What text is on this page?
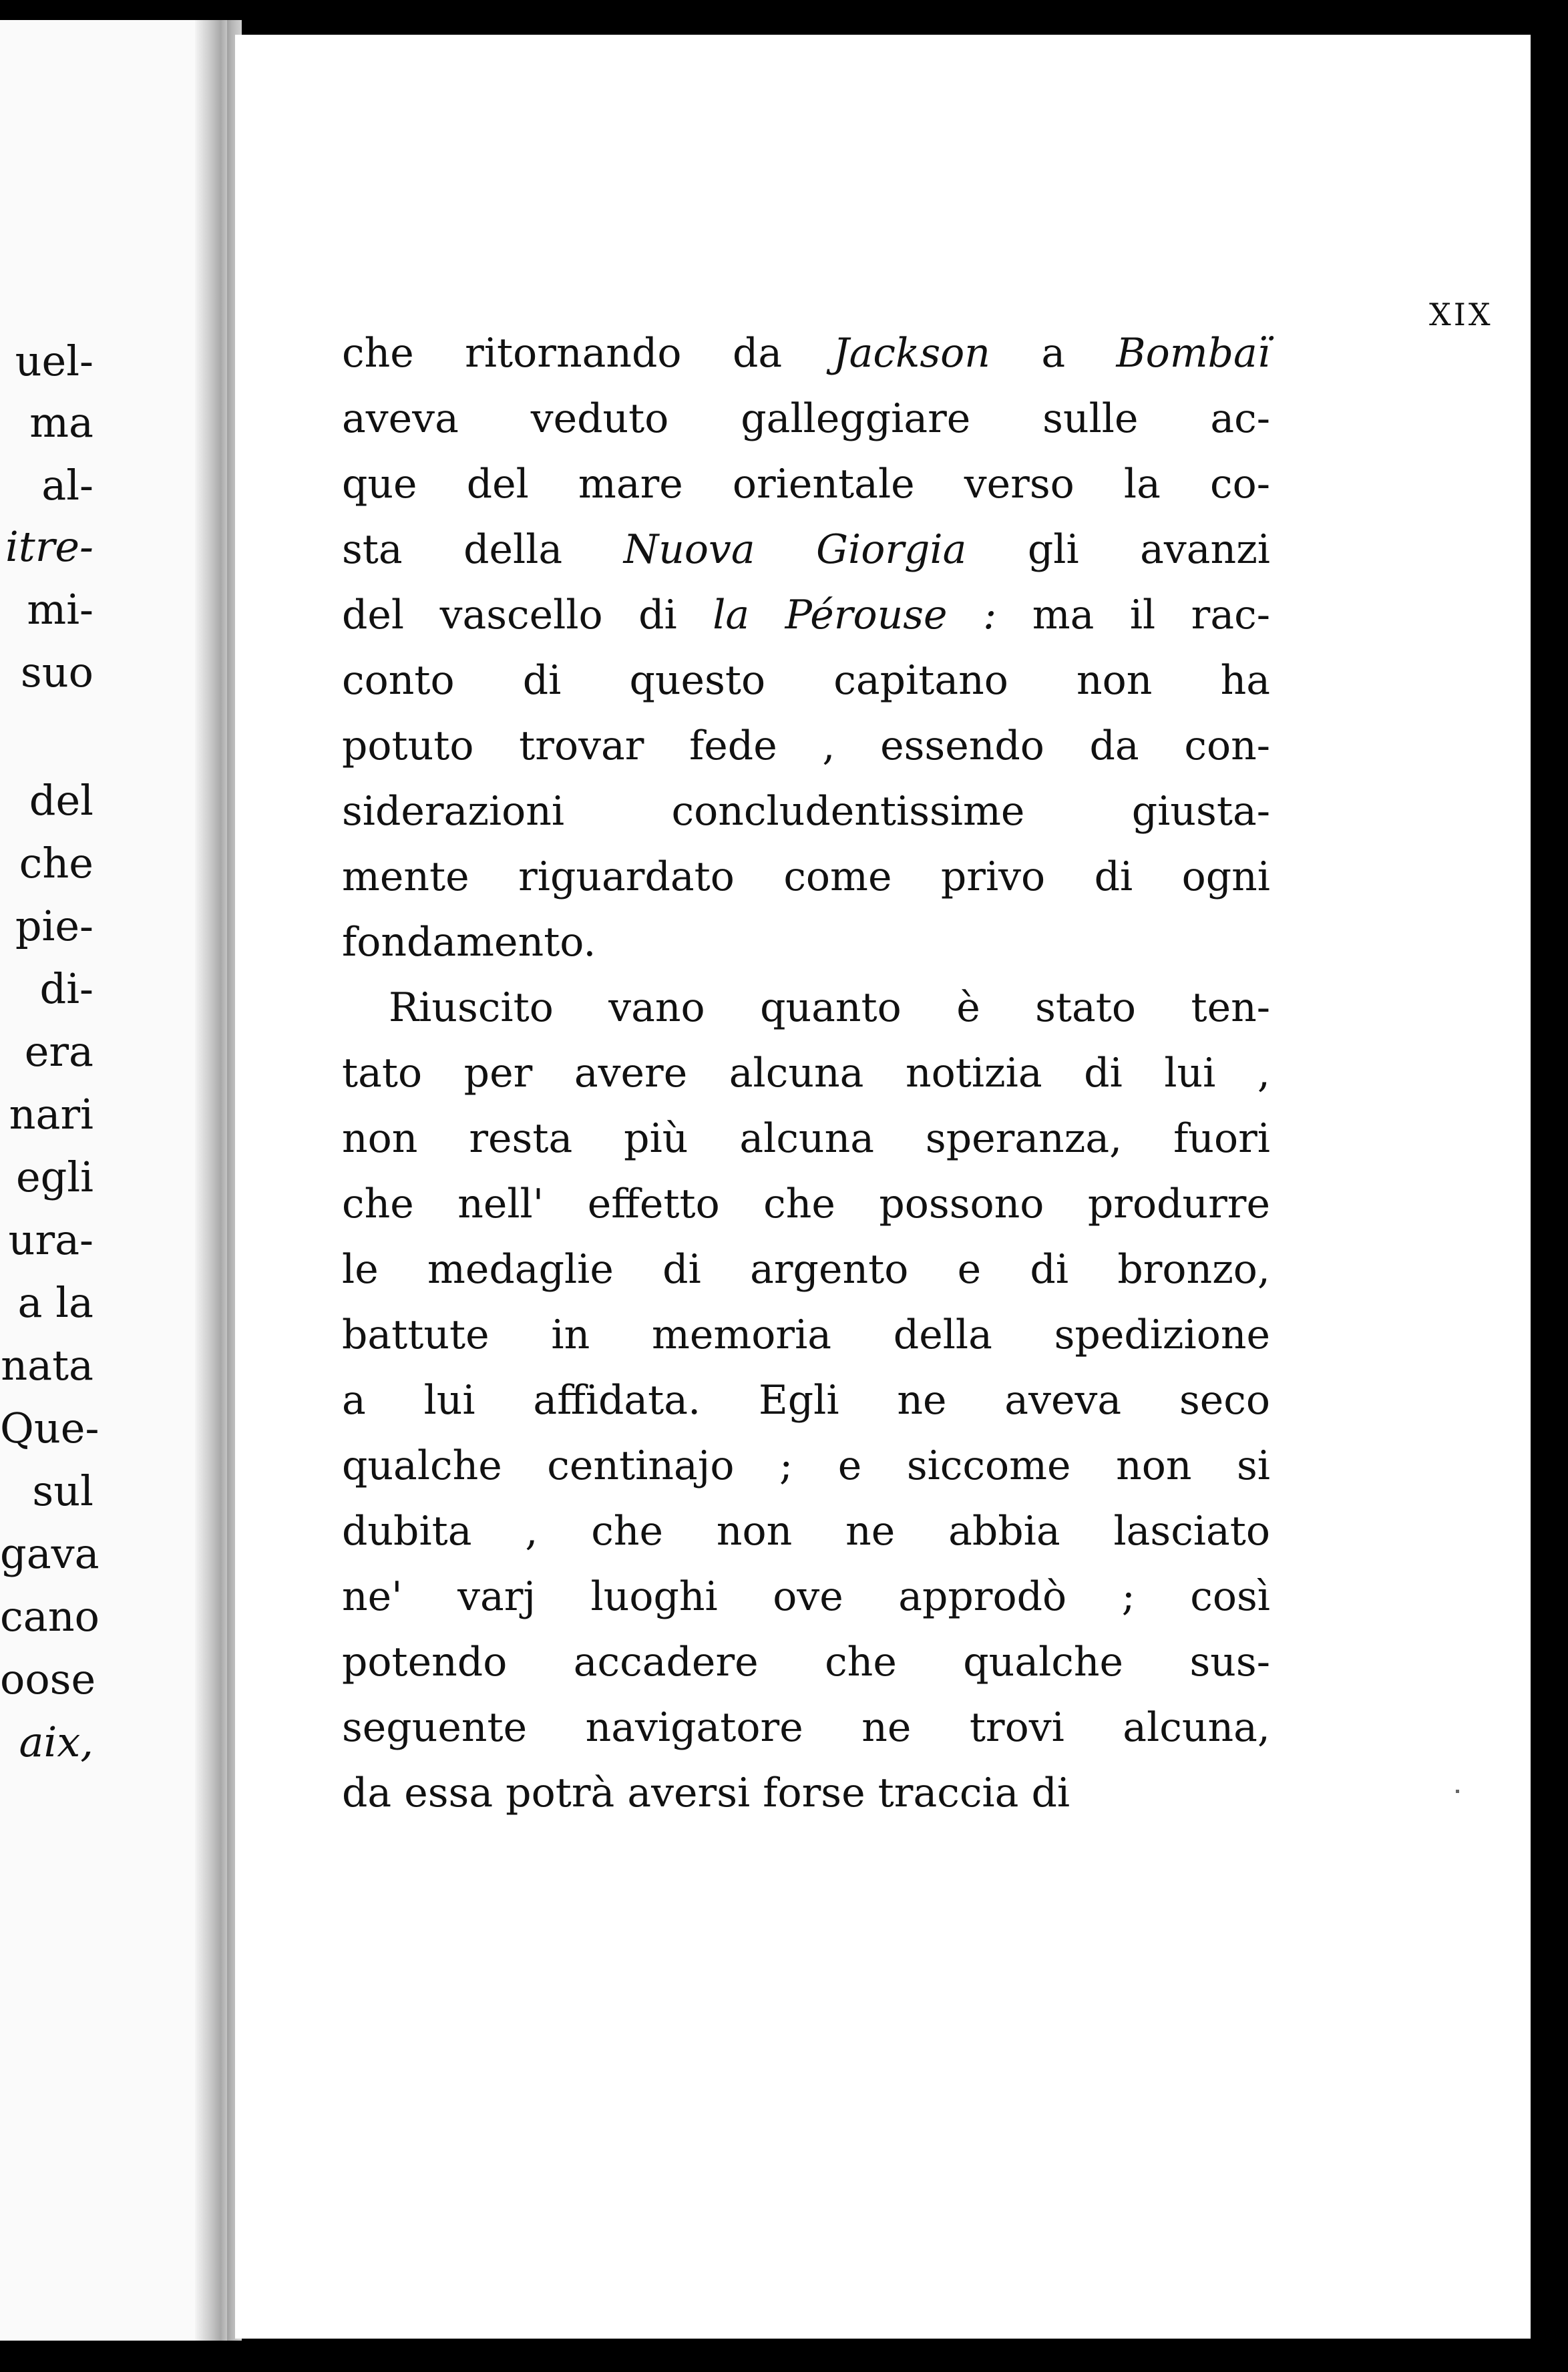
uel-
ma
al-
itre-
mi-
suo
del
che
pie-
di-
era
nari
egli
ura-
a la
nata
Que-
sul
gava
cano
oose
aix,
XIX
che ritornando da Jackson a Bombaï
aveva veduto galleggiare sulle ac-
que del mare orientale verso la co-
sta della Nuova Giorgia gli avanzi
del vascello di la Pérouse : ma il rac-
conto di questo capitano non ha
potuto trovar fede , essendo da con-
siderazioni concludentissime giusta-
mente riguardato come privo di ogni
fondamento.
Riuscito vano quanto è stato ten-
tato per avere alcuna notizia di lui ,
non resta più alcuna speranza, fuori
che nell' effetto che possono produrre
le medaglie di argento e di bronzo,
battute in memoria della spedizione
a lui affidata. Egli ne aveva seco
qualche centinajo ; e siccome non si
dubita , che non ne abbia lasciato
ne' varj luoghi ove approdò ; così
potendo accadere che qualche sus-
seguente navigatore ne trovi alcuna,
da essa potrà aversi forse traccia di
